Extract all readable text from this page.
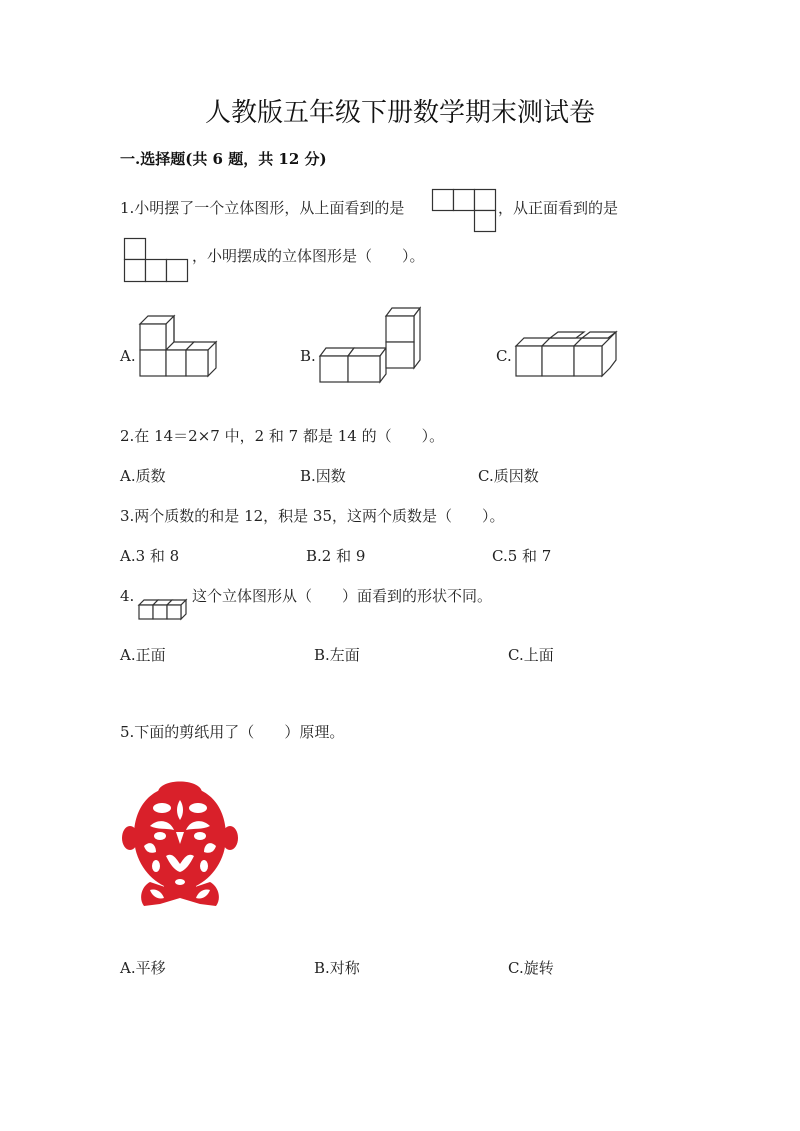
人教版五年级下册数学期末测试卷
一.选择题(共 6 题，共 12 分)
1.小明摆了一个立体图形，从上面看到的是	，从正面看到的是
，小明摆成的立体图形是（　　）。
A.	B.	C.
2.在 14＝2×7 中，2 和 7 都是 14 的（　　）。
A.质数	B.因数	C.质因数
3.两个质数的和是 12，积是 35，这两个质数是（　　）。
A.3 和 8	B.2 和 9	C.5 和 7
4.	这个立体图形从（　　）面看到的形状不同。
A.正面	B.左面	C.上面
5.下面的剪纸用了（　　）原理。
A.平移	B.对称	C.旋转
